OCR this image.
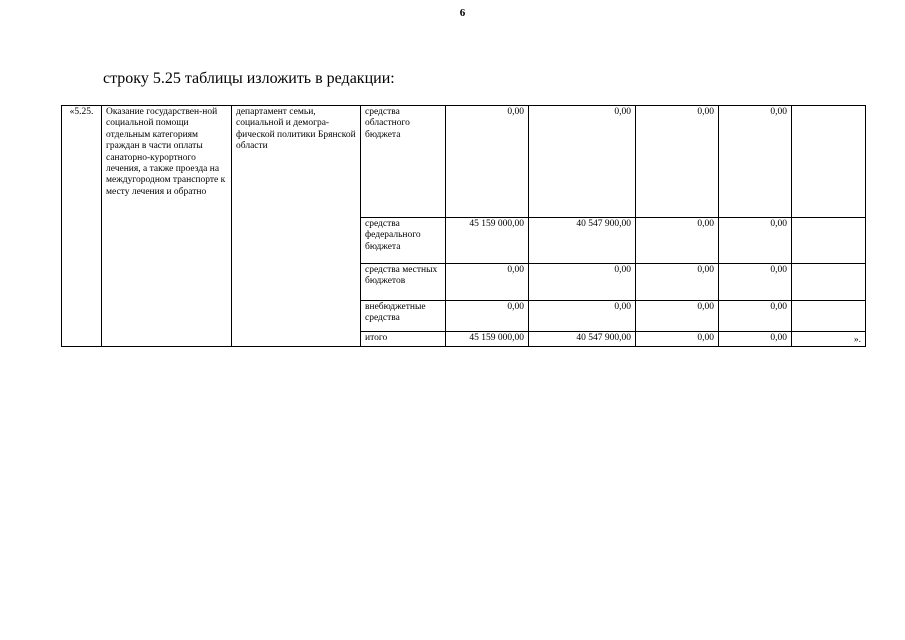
6
строку 5.25 таблицы изложить в редакции:
«5.25.	Оказание государствен-ной социальной помощи отдельным категориям граждан в части оплаты санаторно-курортного лечения, а также проезда на междугородном транспорте к месту лечения и обратно	департамент семьи, социальной и демогра-фической политики Брянской области	средства областного бюджета	0,00	0,00	0,00	0,00	
			средства федерального бюджета	45 159 000,00	40 547 900,00	0,00	0,00	
			средства местных бюджетов	0,00	0,00	0,00	0,00	
			внебюджетные средства	0,00	0,00	0,00	0,00	
			итого	45 159 000,00	40 547 900,00	0,00	0,00	».
